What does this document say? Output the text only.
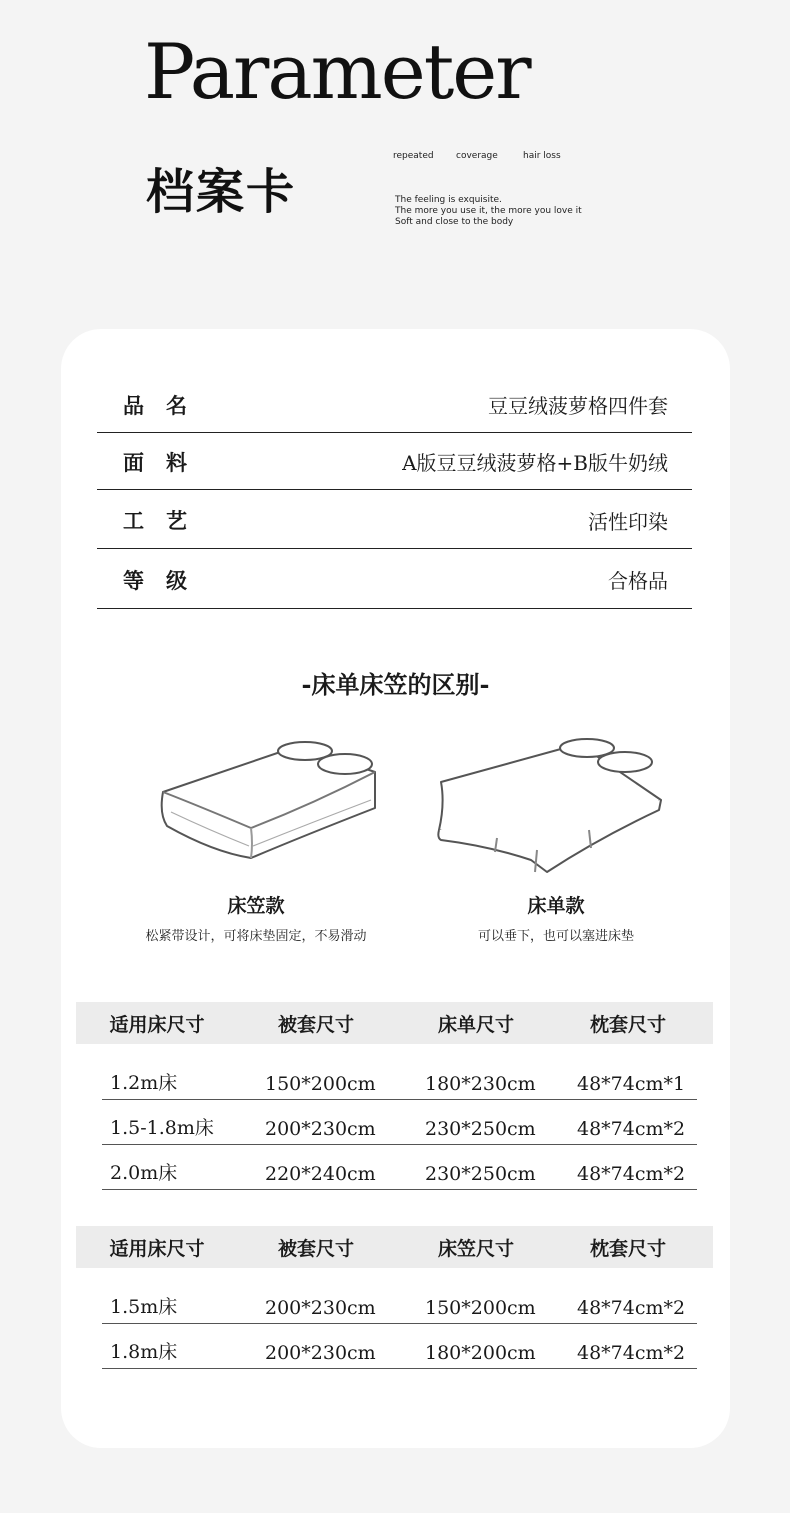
Parameter
档案卡
repeated	coverage	hair loss
The feeling is exquisite.
The more you use it, the more you love it
Soft and close to the body
品名	豆豆绒菠萝格四件套
面料	A版豆豆绒菠萝格+B版牛奶绒
工艺	活性印染
等级	合格品
-床单床笠的区别-
床笠款
松紧带设计，可将床垫固定，不易滑动
床单款
可以垂下，也可以塞进床垫
适用床尺寸	被套尺寸	床单尺寸	枕套尺寸
1.2m床	150*200cm	180*230cm 48*74cm*1
1.5-1.8m床	200*230cm	230*250cm 48*74cm*2
2.0m床	220*240cm	230*250cm 48*74cm*2
适用床尺寸	被套尺寸	床笠尺寸	枕套尺寸
1.5m床	200*230cm	150*200cm 48*74cm*2
1.8m床	200*230cm	180*200cm 48*74cm*2
